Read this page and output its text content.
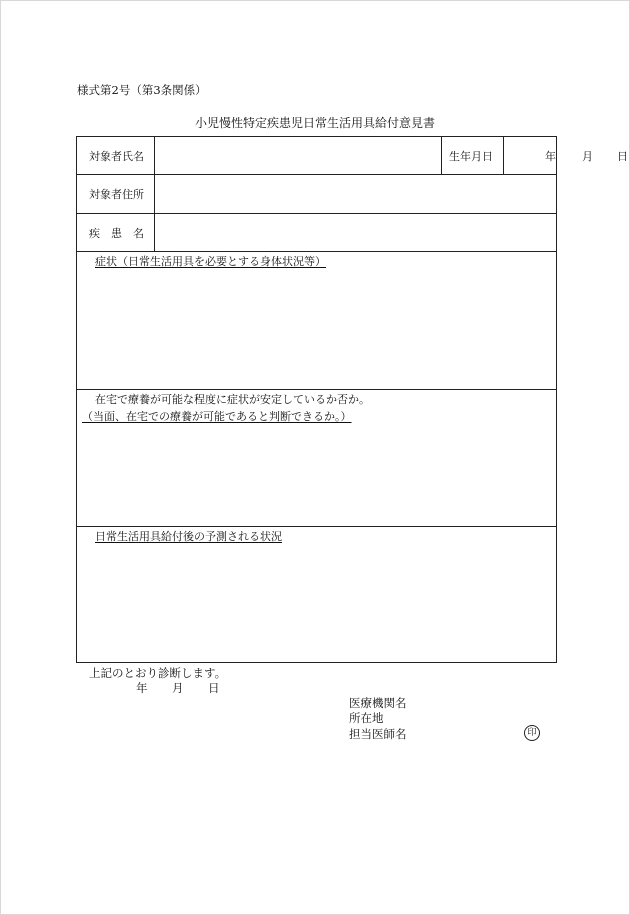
様式第2号（第3条関係）
小児慢性特定疾患児日常生活用具給付意見書
対象者氏名	生年月日	年 月 日
対象者住所
疾　患　名
症状（日常生活用具を必要とする身体状況等）
在宅で療養が可能な程度に症状が安定しているか否か。
（当面、在宅での療養が可能であると判断できるか。）
日常生活用具給付後の予測される状況
上記のとおり診断します。
年 月 日
医療機関名
所在地
担当医師名	印
